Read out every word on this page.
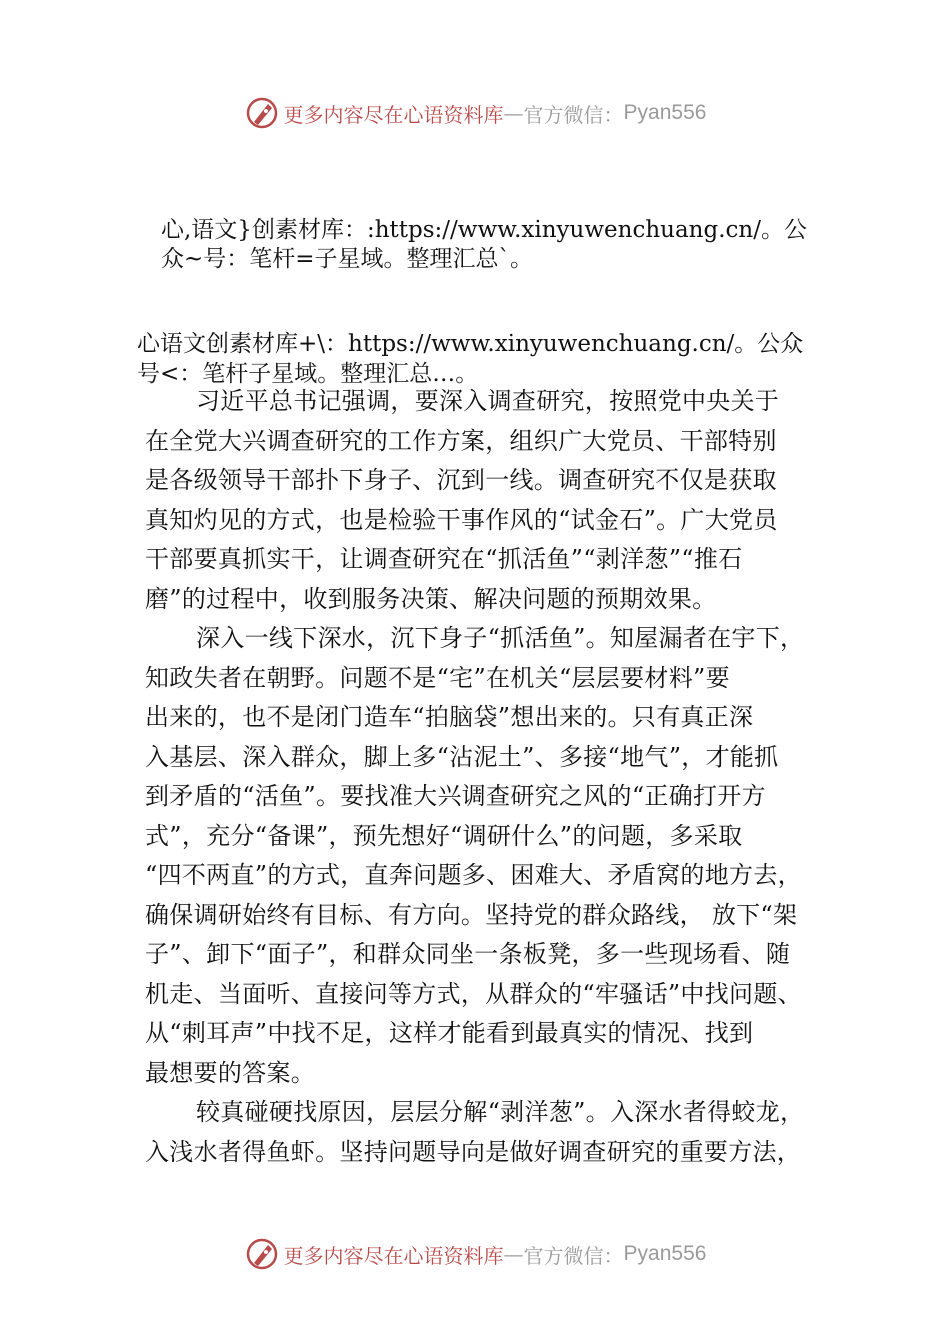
更多内容尽在心语资料库 — 官方微信： Pyan556
心,语文}创素材库：:https://www.xinyuwenchuang.cn/。公
众~号：笔杆=子星域。整理汇总`。
心语文创素材库+\：https://www.xinyuwenchuang.cn/。公众
号<：笔杆子星域。整理汇总…。
习近平总书记强调，要深入调查研究，按照党中央关于
在全党大兴调查研究的工作方案，组织广大党员、干部特别
是各级领导干部扑下身子、沉到一线。调查研究不仅是获取
真知灼见的方式，也是检验干事作风的“试金石”。广大党员
干部要真抓实干，让调查研究在“抓活鱼”“剥洋葱”“推石
磨”的过程中，收到服务决策、解决问题的预期效果。
深入一线下深水，沉下身子“抓活鱼”。知屋漏者在宇下，
知政失者在朝野。问题不是“宅”在机关“层层要材料”要
出来的，也不是闭门造车“拍脑袋”想出来的。只有真正深
入基层、深入群众，脚上多“沾泥土”、多接“地气”，才能抓
到矛盾的“活鱼”。要找准大兴调查研究之风的“正确打开方
式”，充分“备课”，预先想好“调研什么”的问题，多采取
“四不两直”的方式，直奔问题多、困难大、矛盾窝的地方去，
确保调研始终有目标、有方向。坚持党的群众路线， 放下“架
子”、卸下“面子”，和群众同坐一条板凳，多一些现场看、随
机走、当面听、直接问等方式，从群众的“牢骚话”中找问题、
从“刺耳声”中找不足，这样才能看到最真实的情况、找到
最想要的答案。
较真碰硬找原因，层层分解“剥洋葱”。入深水者得蛟龙，
入浅水者得鱼虾。坚持问题导向是做好调查研究的重要方法，
更多内容尽在心语资料库 — 官方微信： Pyan556
